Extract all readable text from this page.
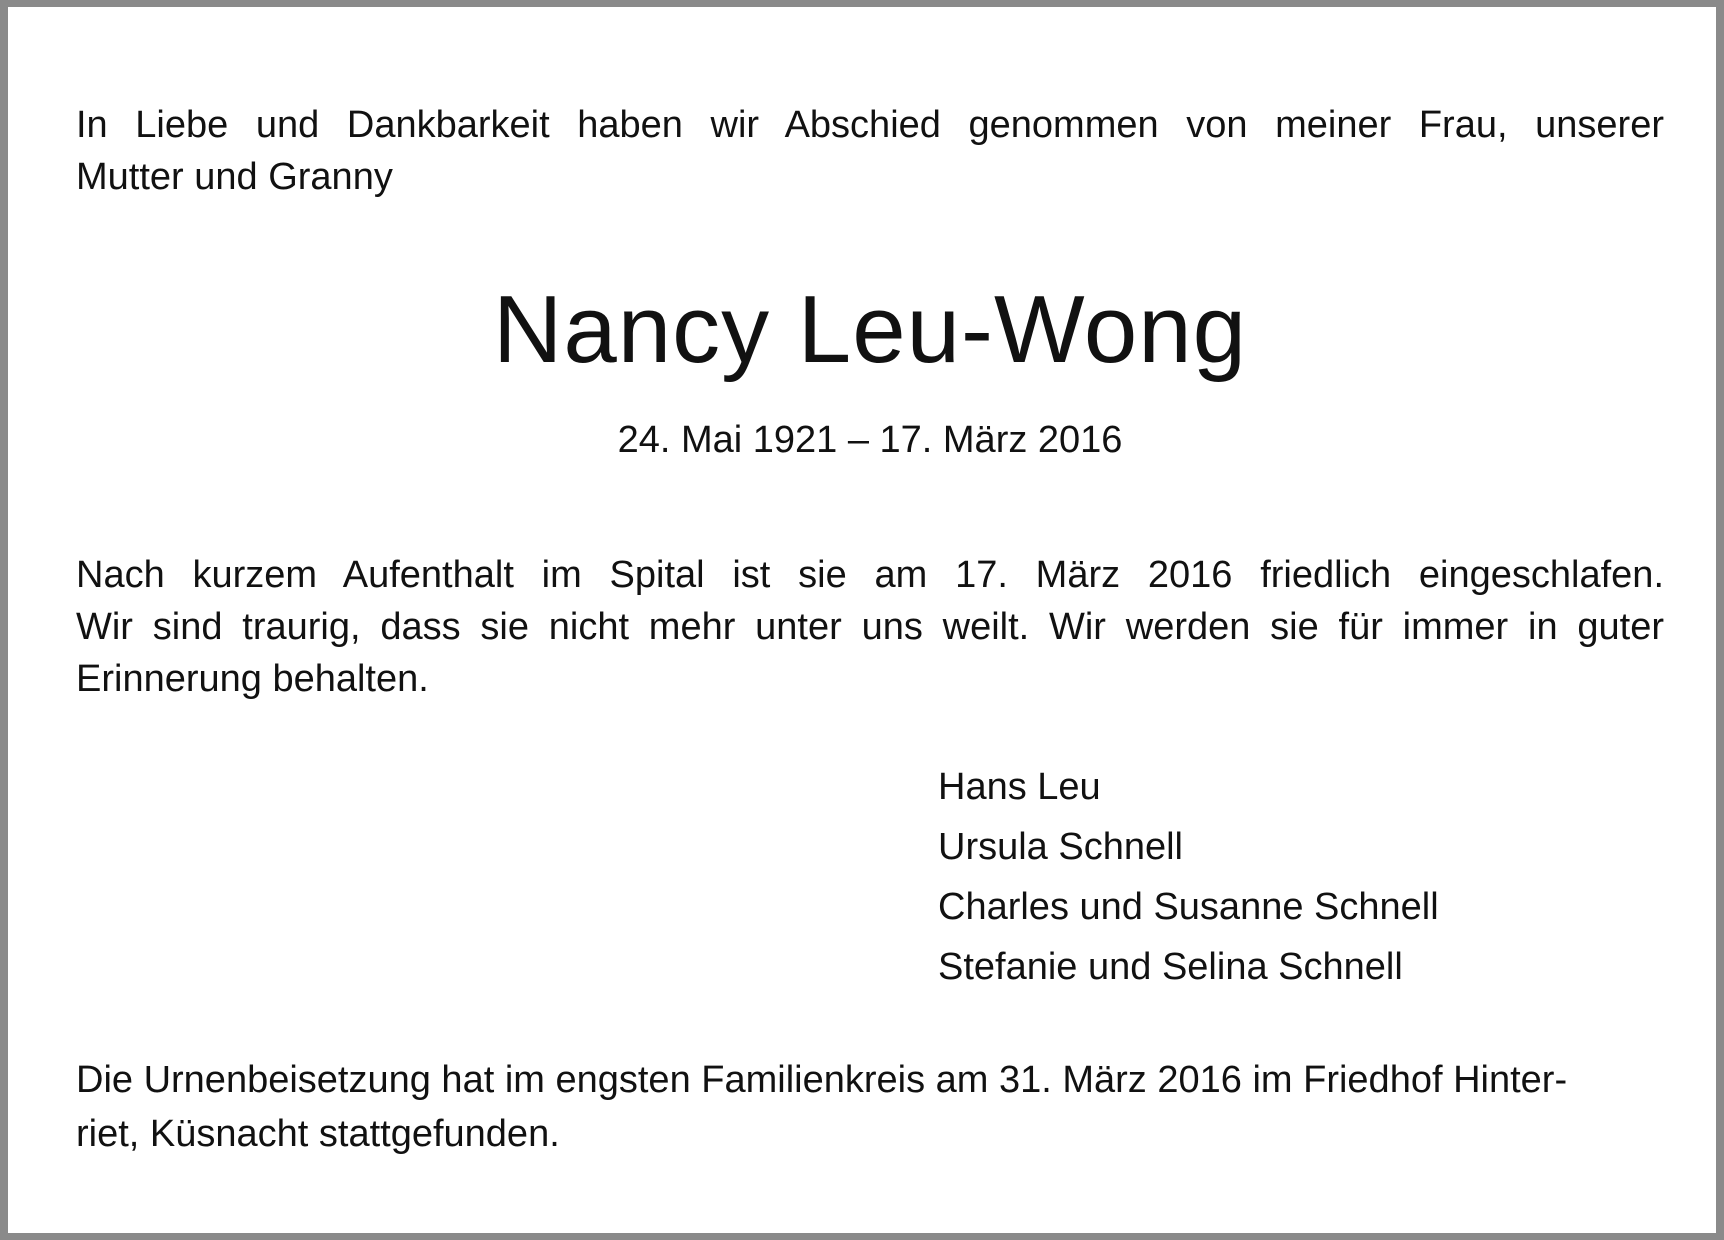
In Liebe und Dankbarkeit haben wir Abschied genommen von meiner Frau, unserer
Mutter und Granny

Nancy Leu-Wong

24. Mai 1921 – 17. März 2016

Nach kurzem Aufenthalt im Spital ist sie am 17. März 2016 friedlich eingeschlafen.
Wir sind traurig, dass sie nicht mehr unter uns weilt. Wir werden sie für immer in guter
Erinnerung behalten.

Hans Leu
Ursula Schnell
Charles und Susanne Schnell
Stefanie und Selina Schnell

Die Urnenbeisetzung hat im engsten Familienkreis am 31. März 2016 im Friedhof Hinter-
riet, Küsnacht stattgefunden.
